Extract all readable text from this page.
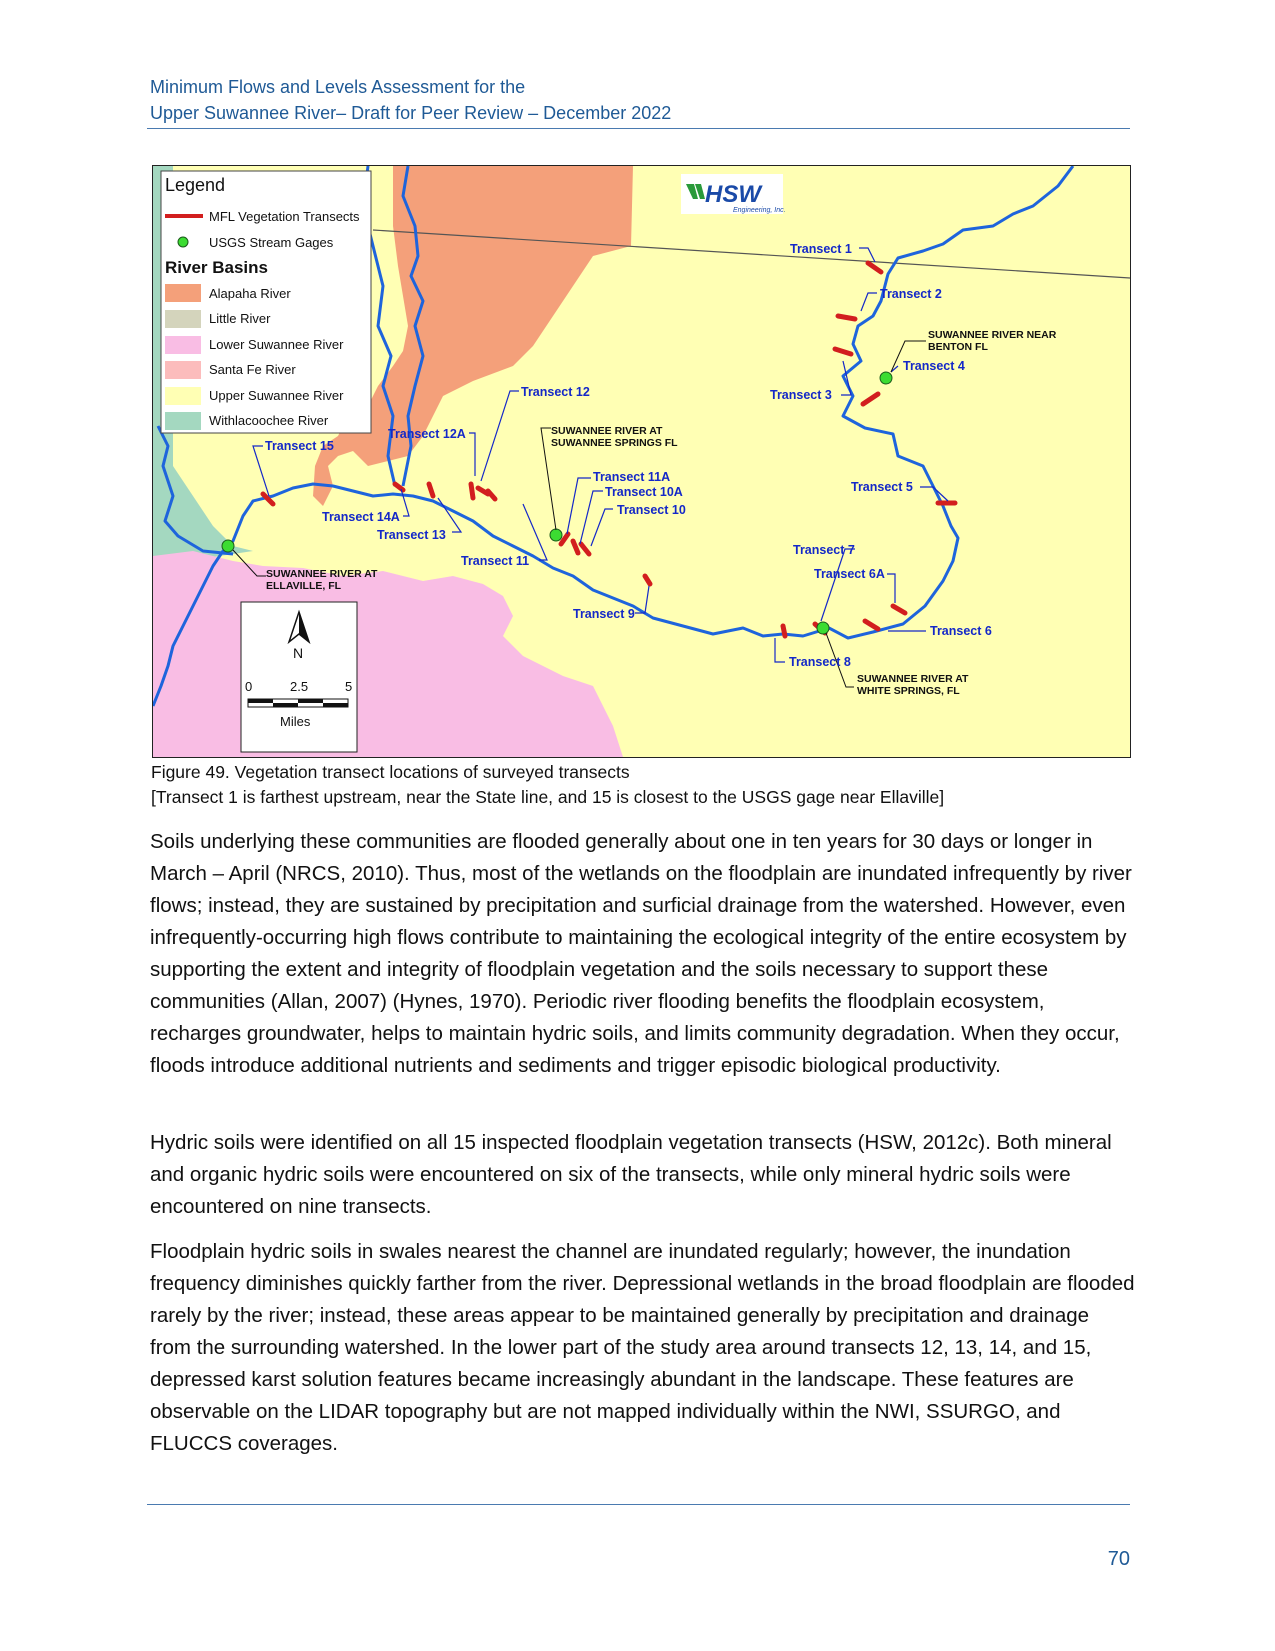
Minimum Flows and Levels Assessment for the
Upper Suwannee River– Draft for Peer Review – December 2022
Transect 1
Transect 2
Transect 3
Transect 4
Transect 5
Transect 6A
Transect 6
Transect 7
Transect 8
Transect 9
Transect 10
Transect 10A
Transect 11A
Transect 11
Transect 12
Transect 12A
Transect 13
Transect 14A
Transect 15
SUWANNEE RIVER NEAR
BENTON FL
SUWANNEE RIVER AT
SUWANNEE SPRINGS FL
SUWANNEE RIVER AT
ELLAVILLE, FL
SUWANNEE RIVER AT
WHITE SPRINGS, FL
HSW
Engineering, Inc.
Legend
MFL Vegetation Transects
USGS Stream Gages
River Basins
Alapaha River
Little River
Lower Suwannee River
Santa Fe River
Upper Suwannee River
Withlacoochee River
N
0	2.5	5
Miles
Figure 49. Vegetation transect locations of surveyed transects
[Transect 1 is farthest upstream, near the State line, and 15 is closest to the USGS gage near Ellaville]

Soils underlying these communities are flooded generally about one in ten years for 30 days or longer in March – April (NRCS, 2010). Thus, most of the wetlands on the floodplain are inundated infrequently by river flows; instead, they are sustained by precipitation and surficial drainage from the watershed. However, even infrequently-occurring high flows contribute to maintaining the ecological integrity of the entire ecosystem by supporting the extent and integrity of floodplain vegetation and the soils necessary to support these communities (Allan, 2007) (Hynes, 1970). Periodic river flooding benefits the floodplain ecosystem, recharges groundwater, helps to maintain hydric soils, and limits community degradation. When they occur, floods introduce additional nutrients and sediments and trigger episodic biological productivity.

Hydric soils were identified on all 15 inspected floodplain vegetation transects (HSW, 2012c). Both mineral and organic hydric soils were encountered on six of the transects, while only mineral hydric soils were encountered on nine transects.

Floodplain hydric soils in swales nearest the channel are inundated regularly; however, the inundation frequency diminishes quickly farther from the river. Depressional wetlands in the broad floodplain are flooded rarely by the river; instead, these areas appear to be maintained generally by precipitation and drainage from the surrounding watershed. In the lower part of the study area around transects 12, 13, 14, and 15, depressed karst solution features became increasingly abundant in the landscape. These features are observable on the LIDAR topography but are not mapped individually within the NWI, SSURGO, and FLUCCS coverages.

70
